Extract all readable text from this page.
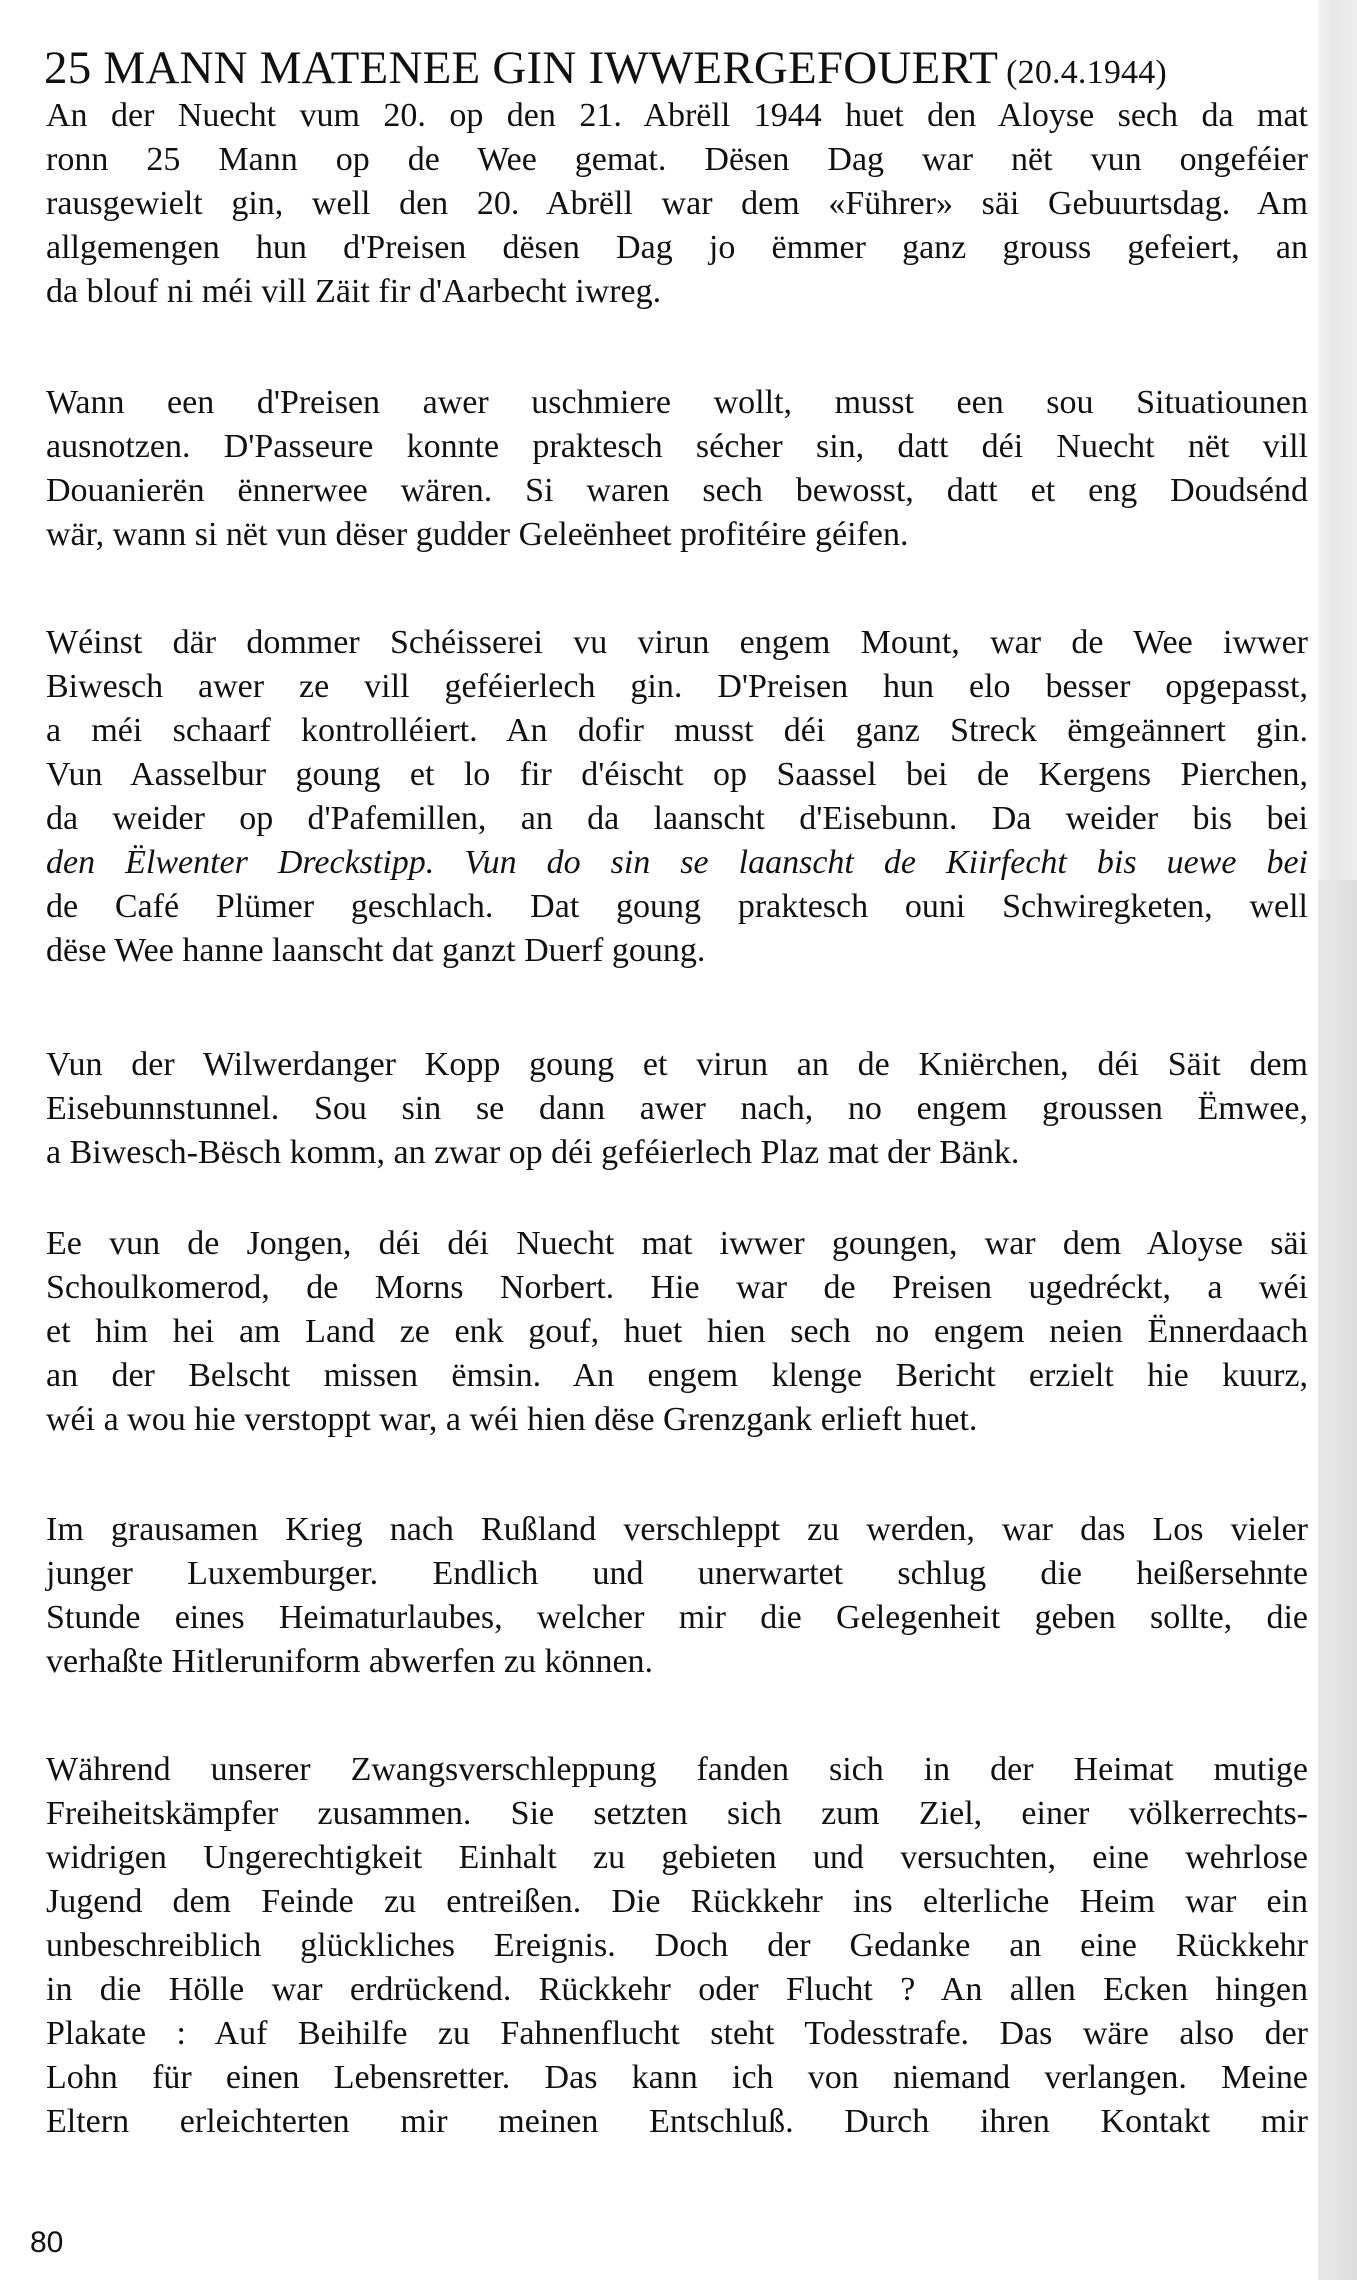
25 MANN MATENEE GIN IWWERGEFOUERT (20.4.1944)
An der Nuecht vum 20. op den 21. Abrëll 1944 huet den Aloyse sech da mat
ronn 25 Mann op de Wee gemat. Dësen Dag war nët vun ongeféier
rausgewielt gin, well den 20. Abrëll war dem «Führer» säi Gebuurtsdag. Am
allgemengen hun d'Preisen dësen Dag jo ëmmer ganz grouss gefeiert, an
da blouf ni méi vill Zäit fir d'Aarbecht iwreg.
Wann een d'Preisen awer uschmiere wollt, musst een sou Situatiounen
ausnotzen. D'Passeure konnte praktesch sécher sin, datt déi Nuecht nët vill
Douanierën ënnerwee wären. Si waren sech bewosst, datt et eng Doudsénd
wär, wann si nët vun dëser gudder Geleënheet profitéire géifen.
Wéinst där dommer Schéisserei vu virun engem Mount, war de Wee iwwer
Biwesch awer ze vill geféierlech gin. D'Preisen hun elo besser opgepasst,
a méi schaarf kontrolléiert. An dofir musst déi ganz Streck ëmgeännert gin.
Vun Aasselbur goung et lo fir d'éischt op Saassel bei de Kergens Pierchen,
da weider op d'Pafemillen, an da laanscht d'Eisebunn. Da weider bis bei
den Ëlwenter Dreckstipp. Vun do sin se laanscht de Kiirfecht bis uewe bei
de Café Plümer geschlach. Dat goung praktesch ouni Schwiregketen, well
dëse Wee hanne laanscht dat ganzt Duerf goung.
Vun der Wilwerdanger Kopp goung et virun an de Kniërchen, déi Säit dem
Eisebunnstunnel. Sou sin se dann awer nach, no engem groussen Ëmwee,
a Biwesch-Bësch komm, an zwar op déi geféierlech Plaz mat der Bänk.
Ee vun de Jongen, déi déi Nuecht mat iwwer goungen, war dem Aloyse säi
Schoulkomerod, de Morns Norbert. Hie war de Preisen ugedréckt, a wéi
et him hei am Land ze enk gouf, huet hien sech no engem neien Ënnerdaach
an der Belscht missen ëmsin. An engem klenge Bericht erzielt hie kuurz,
wéi a wou hie verstoppt war, a wéi hien dëse Grenzgank erlieft huet.
Im grausamen Krieg nach Rußland verschleppt zu werden, war das Los vieler
junger Luxemburger. Endlich und unerwartet schlug die heißersehnte
Stunde eines Heimaturlaubes, welcher mir die Gelegenheit geben sollte, die
verhaßte Hitleruniform abwerfen zu können.
Während unserer Zwangsverschleppung fanden sich in der Heimat mutige
Freiheitskämpfer zusammen. Sie setzten sich zum Ziel, einer völkerrechts-
widrigen Ungerechtigkeit Einhalt zu gebieten und versuchten, eine wehrlose
Jugend dem Feinde zu entreißen. Die Rückkehr ins elterliche Heim war ein
unbeschreiblich glückliches Ereignis. Doch der Gedanke an eine Rückkehr
in die Hölle war erdrückend. Rückkehr oder Flucht ? An allen Ecken hingen
Plakate : Auf Beihilfe zu Fahnenflucht steht Todesstrafe. Das wäre also der
Lohn für einen Lebensretter. Das kann ich von niemand verlangen. Meine
Eltern erleichterten mir meinen Entschluß. Durch ihren Kontakt mir
80
